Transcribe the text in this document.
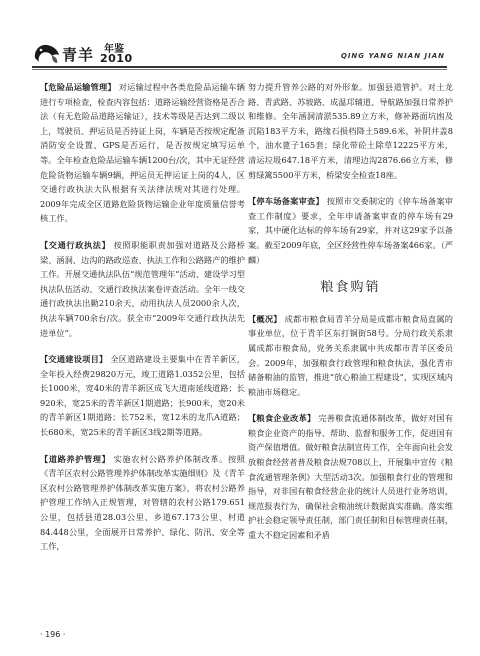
青羊 年鉴
2010	QING YANG NIAN JIAN

【危险品运输管理】 对运输过程中各类危险品运输车辆进行专项检查，检查内容包括：道路运输经营资格是否合法（有无危险品道路运输证），技术等级是否达到二级以上，驾驶员、押运员是否持证上岗，车辆是否按规定配备消防安全设置、GPS是否运行，是否按规定填写运单等。全年检查危险品运输车辆1200台/次，其中无证经营危险货物运输车辆9辆，押运员无押运证上岗的4人，区交通行政执法大队根据有关法律法规对其进行处理。2009年完成全区道路危险货物运输企业年度质量信誉考核工作。

【交通行政执法】 按照职能职责加强对道路及公路桥梁、涵洞、边沟的路政巡查、执法工作和公路路产的维护工作。开展交通执法队伍“规范管理年”活动、建设学习型执法队伍活动、交通行政执法案卷评查活动。全年一线交通行政执法出勤210余天，动用执法人员2000余人次，执法车辆700余台/次。获全市“2009年交通行政执法先进单位”。

【交通建设项目】 全区道路建设主要集中在青羊新区，全年投入经费29820万元，竣工道路1.0352公里，包括长1000米，宽40米的青羊新区成飞大道南延线道路；长920米，宽25米的青羊新区1期道路；长900米，宽20米的青羊新区1期道路；长752米，宽12米的龙爪A道路；长680米，宽25米的青羊新区3线2期等道路。

【道路养护管理】 实施农村公路养护体制改革。按照《青羊区农村公路管理养护体制改革实施细则》及《青羊区农村公路管理养护体制改革实施方案》，将农村公路养护管理工作纳入正规管理，对管辖的农村公路179.651公里，包括县道28.03公里、乡道67.173公里、村道84.448公里，全面展开日常养护、绿化、防汛、安全等工作，

努力提升管养公路的对外形象。加强县道管护。对土龙路、青武路、苏坡路、成温邛辅道、导航路加强日常养护和维修。全年涵洞清淤535.89立方米，修补路面坑凼及沉陷183平方米，路缘石损档降土589.6米，补阴井盖8个，油水蓖子165套；绿化带砼土除草12225平方米，清运垃圾647.18平方米，清理边沟2876.66立方米，修剪绿篱5500平方米，桥梁安全检查18座。

【停车场备案审查】 按照市交委制定的《停车场备案审查工作制度》要求，全年申请备案审查的停车场有29家，其中硬化达标的停车场有29家，并对这29家予以备案。截至2009年底，全区经营性停车场备案466家。（严　麟）

粮食购销

【概况】 成都市粮食局青羊分局是成都市粮食局直属的事业单位，位于青羊区东打铜街58号。分局行政关系隶属成都市粮食局，党务关系隶属中共成都市青羊区委员会。2009年，加强粮食行政管理和粮食执法，强化青市储备粮油的监管，推进“放心粮油工程建设”，实现区域内粮油市场稳定。

【粮食企业改革】 完善粮食流通体制改革，做好对国有粮食企业资产的指导、帮助、监督和服务工作，促进国有资产保值增值。做好粮食法制宣传工作，全年面向社会发放粮食经营者普及粮食法规708以上，开展集中宣传《粮食流通管理条例》大型活动3次。加强粮食行业的管理和指导，对非国有粮食经营企业的统计人员进行业务培训，规范报表行为，确保社会粮油统计数据真实准确。落实维护社会稳定领导责任制，部门责任制和目标管理责任制，重大不稳定因素和矛盾

· 196 ·
